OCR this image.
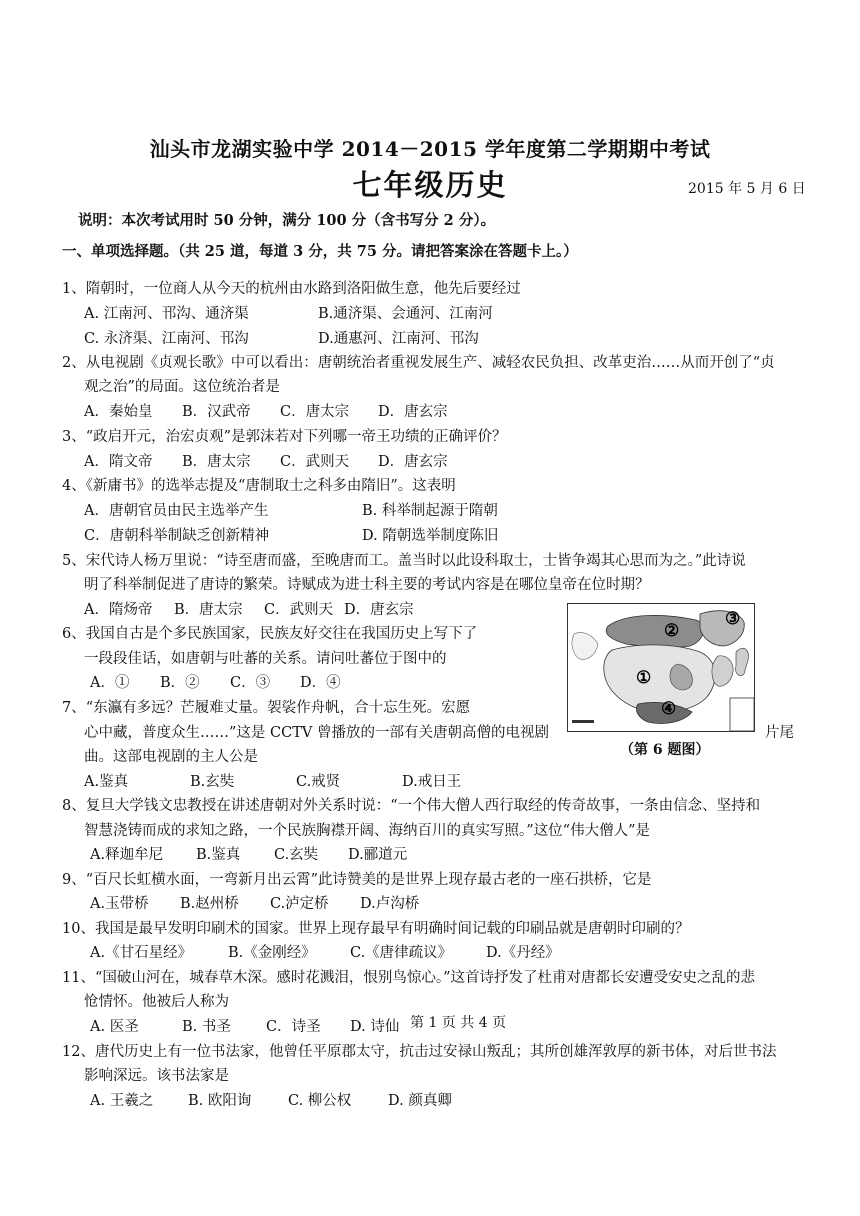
汕头市龙湖实验中学 2014－2015 学年度第二学期期中考试
七年级历史	2015 年 5 月 6 日
说明：本次考试用时 50 分钟，满分 100 分（含书写分 2 分）。
一、单项选择题。（共 25 道，每道 3 分，共 75 分。请把答案涂在答题卡上。）
1、隋朝时，一位商人从今天的杭州由水路到洛阳做生意，他先后要经过
A. 江南河、邗沟、通济渠	B.通济渠、会通河、江南河
C. 永济渠、江南河、邗沟	D.通惠河、江南河、邗沟
2、从电视剧《贞观长歌》中可以看出：唐朝统治者重视发展生产、减轻农民负担、改革吏治……从而开创了“贞
观之治”的局面。这位统治者是
A．秦始皇 B．汉武帝 C．唐太宗 D．唐玄宗
3、“政启开元，治宏贞观”是郭沫若对下列哪一帝王功绩的正确评价？
A．隋文帝 B．唐太宗 C．武则天 D．唐玄宗
4、《新庸书》的选举志提及“唐制取士之科多由隋旧”。这表明
A．唐朝官员由民主选举产生	B. 科举制起源于隋朝
C．唐朝科举制缺乏创新精神	D. 隋朝选举制度陈旧
5、宋代诗人杨万里说：“诗至唐而盛，至晚唐而工。盖当时以此设科取士，士皆争竭其心思而为之。”此诗说
明了科举制促进了唐诗的繁荣。诗赋成为进士科主要的考试内容是在哪位皇帝在位时期？
A．隋炀帝 B．唐太宗 C．武则天 D．唐玄宗
6、我国自古是个多民族国家，民族友好交往在我国历史上写下了
一段段佳话，如唐朝与吐蕃的关系。请问吐蕃位于图中的
A．① B．② C．③ D．④
7、“东瀛有多远？芒履难丈量。袈裟作舟帆，合十忘生死。宏愿
心中藏，普度众生……”这是 CCTV 曾播放的一部有关唐朝高僧的电视剧	片尾
曲。这部电视剧的主人公是
A.鉴真	B.玄奘	C.戒贤	D.戒日王
②
③
①
④
（第 6 题图）
8、复旦大学钱文忠教授在讲述唐朝对外关系时说：“一个伟大僧人西行取经的传奇故事，一条由信念、坚持和
智慧浇铸而成的求知之路，一个民族胸襟开阔、海纳百川的真实写照。”这位“伟大僧人”是
A.释迦牟尼 B.鉴真 C.玄奘 D.郦道元
9、“百尺长虹横水面，一弯新月出云霄”此诗赞美的是世界上现存最古老的一座石拱桥，它是
A.玉带桥 B.赵州桥 C.泸定桥 D.卢沟桥
10、我国是最早发明印刷术的国家。世界上现存最早有明确时间记载的印刷品就是唐朝时印刷的？
A.《甘石星经》 B.《金刚经》 C.《唐律疏议》 D.《丹经》
11、“国破山河在，城春草木深。感时花溅泪，恨别鸟惊心。”这首诗抒发了杜甫对唐都长安遭受安史之乱的悲
怆情怀。他被后人称为
A. 医圣	B. 书圣 C．诗圣 D. 诗仙 第 1 页 共 4 页
12、唐代历史上有一位书法家，他曾任平原郡太守，抗击过安禄山叛乱；其所创雄浑敦厚的新书体，对后世书法
影响深远。该书法家是
A. 王羲之 B. 欧阳询	C. 柳公权	D. 颜真卿
